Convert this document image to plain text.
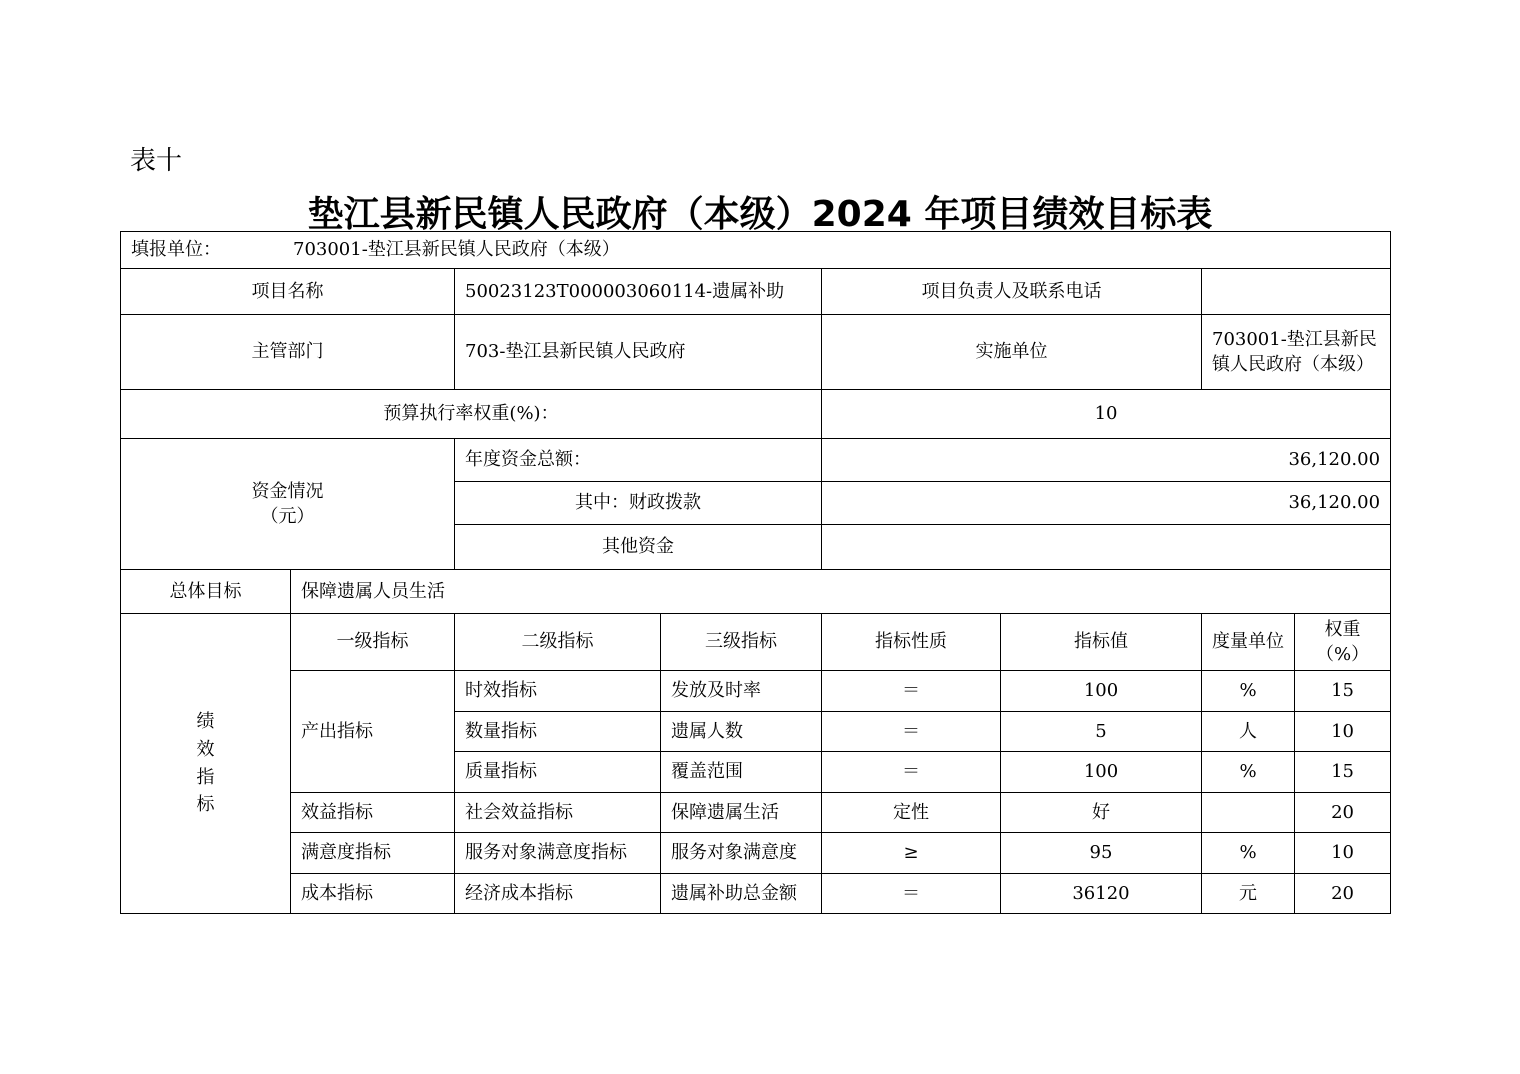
表十
垫江县新民镇人民政府（本级）2024 年项目绩效目标表
填报单位： 703001-垫江县新民镇人民政府（本级）							
项目名称		50023123T000003060114-遗属补助		项目负责人及联系电话			
主管部门		703-垫江县新民镇人民政府		实施单位		703001-垫江县新民镇人民政府（本级）	
预算执行率权重(%)：				10			

资金情况
（元）		年度资金总额：		36,120.00			
		其中：财政拨款		36,120.00			
		其他资金					
总体目标	保障遗属人员生活						

绩
效
指
标	一级指标	二级指标	三级指标	指标性质	指标值	度量单位	权重（%）
	产出指标	时效指标	发放及时率	＝	100	%	15
		数量指标	遗属人数	＝	5	人	10
		质量指标	覆盖范围	＝	100	%	15
	效益指标	社会效益指标	保障遗属生活	定性	好		20
	满意度指标	服务对象满意度指标	服务对象满意度	≥	95	%	10
	成本指标	经济成本指标	遗属补助总金额	＝	36120	元	20
